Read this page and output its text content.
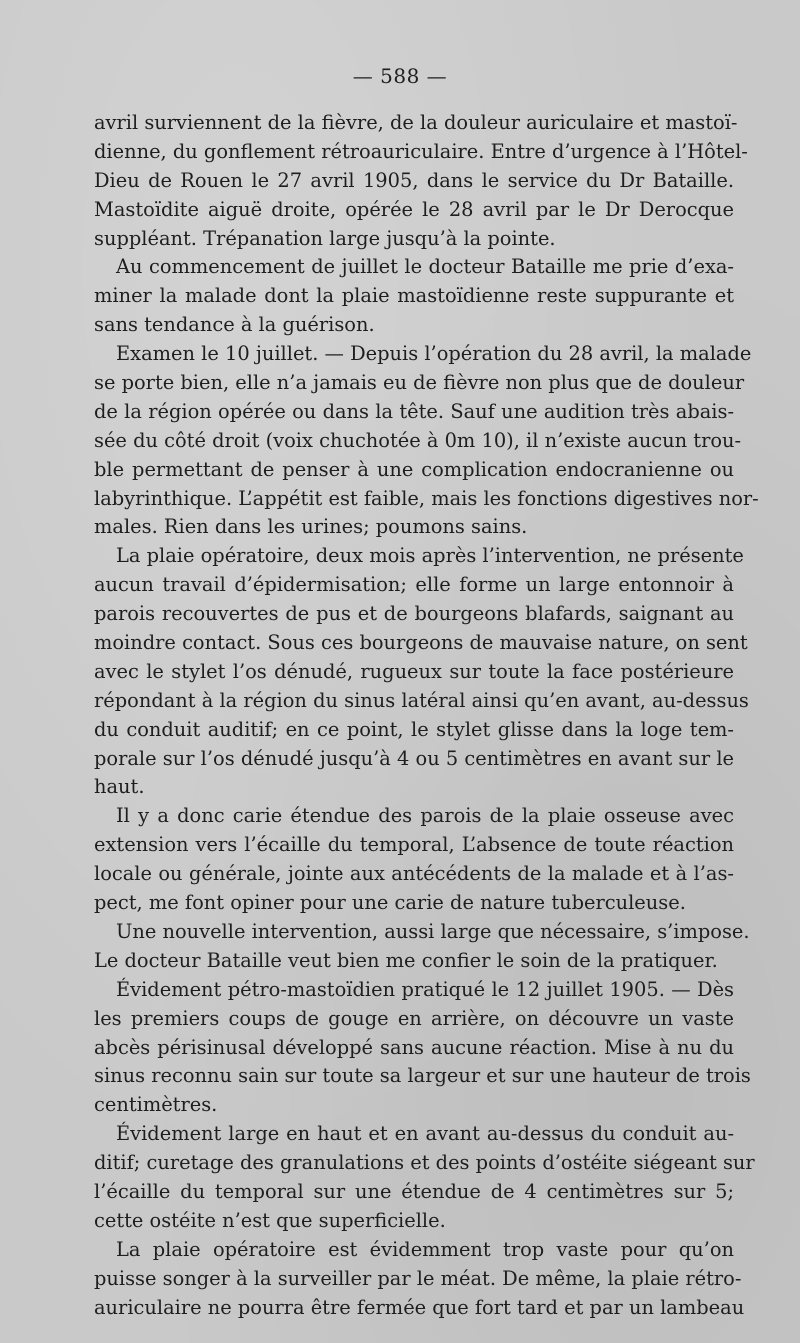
— 588 —
avril surviennent de la fièvre, de la douleur auriculaire et mastoï-
dienne, du gonflement rétroauriculaire. Entre d’urgence à l’Hôtel-
Dieu de Rouen le 27 avril 1905, dans le service du Dr Bataille.
Mastoïdite aiguë droite, opérée le 28 avril par le Dr Derocque
suppléant. Trépanation large jusqu’à la pointe.
Au commencement de juillet le docteur Bataille me prie d’exa-
miner la malade dont la plaie mastoïdienne reste suppurante et
sans tendance à la guérison.
Examen le 10 juillet. — Depuis l’opération du 28 avril, la malade
se porte bien, elle n’a jamais eu de fièvre non plus que de douleur
de la région opérée ou dans la tête. Sauf une audition très abais-
sée du côté droit (voix chuchotée à 0m 10), il n’existe aucun trou-
ble permettant de penser à une complication endocranienne ou
labyrinthique. L’appétit est faible, mais les fonctions digestives nor-
males. Rien dans les urines; poumons sains.
La plaie opératoire, deux mois après l’intervention, ne présente
aucun travail d’épidermisation; elle forme un large entonnoir à
parois recouvertes de pus et de bourgeons blafards, saignant au
moindre contact. Sous ces bourgeons de mauvaise nature, on sent
avec le stylet l’os dénudé, rugueux sur toute la face postérieure
répondant à la région du sinus latéral ainsi qu’en avant, au-dessus
du conduit auditif; en ce point, le stylet glisse dans la loge tem-
porale sur l’os dénudé jusqu’à 4 ou 5 centimètres en avant sur le
haut.
Il y a donc carie étendue des parois de la plaie osseuse avec
extension vers l’écaille du temporal, L’absence de toute réaction
locale ou générale, jointe aux antécédents de la malade et à l’as-
pect, me font opiner pour une carie de nature tuberculeuse.
Une nouvelle intervention, aussi large que nécessaire, s’impose.
Le docteur Bataille veut bien me confier le soin de la pratiquer.
Évidement pétro-mastoïdien pratiqué le 12 juillet 1905. — Dès
les premiers coups de gouge en arrière, on découvre un vaste
abcès périsinusal développé sans aucune réaction. Mise à nu du
sinus reconnu sain sur toute sa largeur et sur une hauteur de trois
centimètres.
Évidement large en haut et en avant au-dessus du conduit au-
ditif; curetage des granulations et des points d’ostéite siégeant sur
l’écaille du temporal sur une étendue de 4 centimètres sur 5;
cette ostéite n’est que superficielle.
La plaie opératoire est évidemment trop vaste pour qu’on
puisse songer à la surveiller par le méat. De même, la plaie rétro-
auriculaire ne pourra être fermée que fort tard et par un lambeau
